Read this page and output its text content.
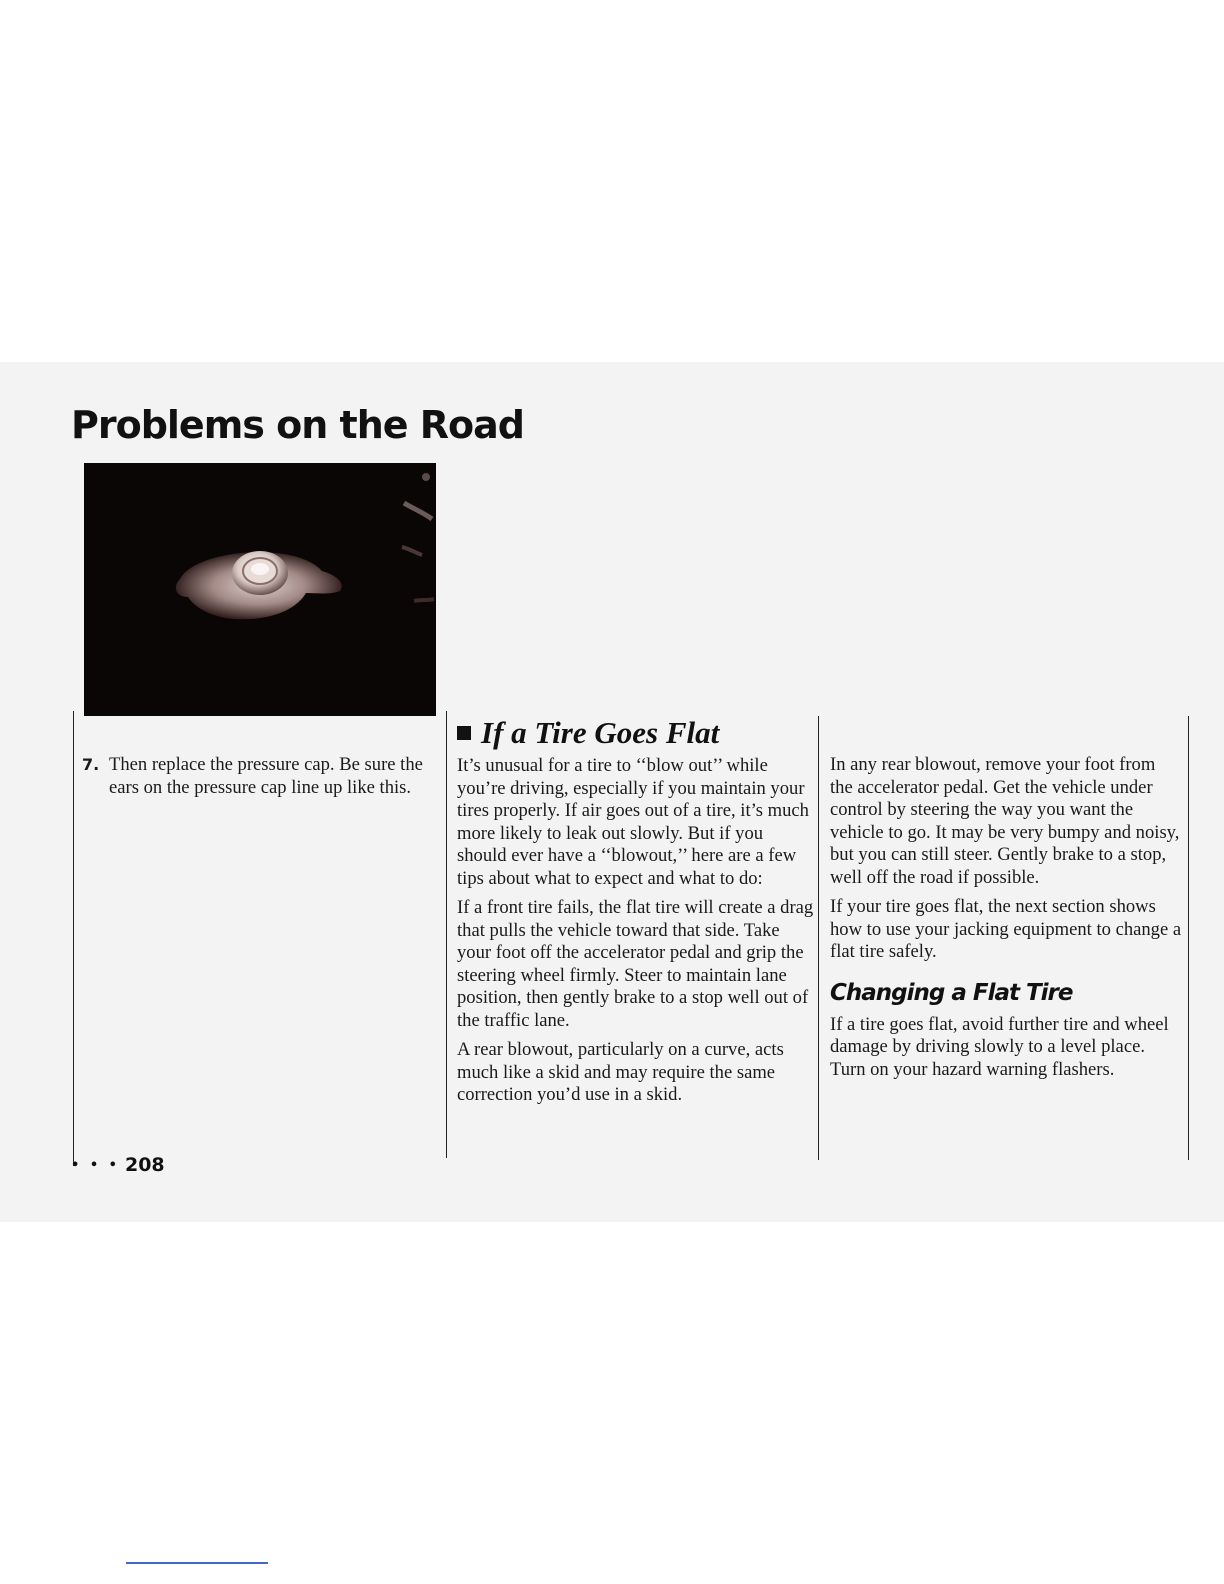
Problems on the Road
7. Then replace the pressure cap. Be sure the ears on the pressure cap line up like this.
If a Tire Goes Flat

It’s unusual for a tire to ‘‘blow out’’ while you’re driving, especially if you maintain your tires properly. If air goes out of a tire, it’s much more likely to leak out slowly. But if you should ever have a ‘‘blowout,’’ here are a few tips about what to expect and what to do:

If a front tire fails, the flat tire will create a drag that pulls the vehicle toward that side. Take your foot off the accelerator pedal and grip the steering wheel firmly. Steer to maintain lane position, then gently brake to a stop well out of the traffic lane.

A rear blowout, particularly on a curve, acts much like a skid and may require the same correction you’d use in a skid.

In any rear blowout, remove your foot from the accelerator pedal. Get the vehicle under control by steering the way you want the vehicle to go. It may be very bumpy and noisy, but you can still steer. Gently brake to a stop, well off the road if possible.

If your tire goes flat, the next section shows how to use your jacking equipment to change a flat tire safely.

Changing a Flat Tire

If a tire goes flat, avoid further tire and wheel damage by driving slowly to a level place. Turn on your hazard warning flashers.

• • • 208
